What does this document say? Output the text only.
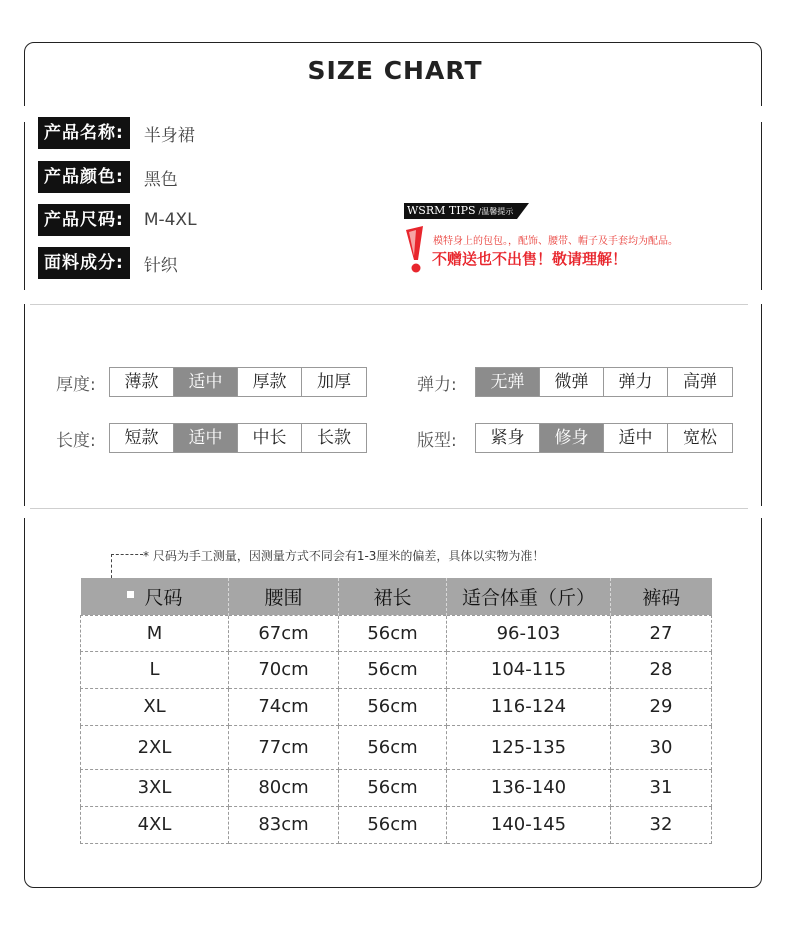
SIZE CHART
产品名称:	半身裙
产品颜色:	黑色
产品尺码:	M-4XL
面料成分:	针织
WSRM TIPS /温馨提示
模特身上的包包。，配饰、腰带、帽子及手套均为配品。
不赠送也不出售！敬请理解！
厚度:	薄款	适中	厚款	加厚	弹力:	无弹	微弹	弹力	高弹
长度:	短款	适中	中长	长款	版型:	紧身	修身	适中	宽松
* 尺码为手工测量，因测量方式不同会有1-3厘米的偏差，具体以实物为准！
尺码	腰围	裙长	适合体重（斤）	裤码
M	67cm	56cm	96-103	27
L	70cm	56cm	104-115	28
XL	74cm	56cm	116-124	29
2XL	77cm	56cm	125-135	30
3XL	80cm	56cm	136-140	31
4XL	83cm	56cm	140-145	32
